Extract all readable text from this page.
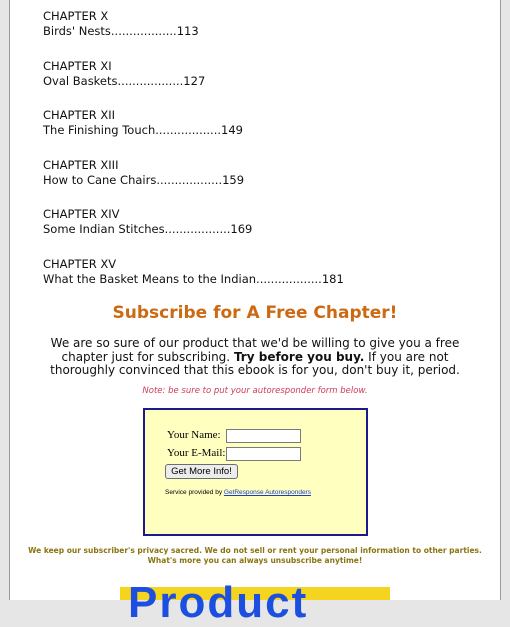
CHAPTER X
Birds' Nests..................113
CHAPTER XI
Oval Baskets..................127
CHAPTER XII
The Finishing Touch..................149
CHAPTER XIII
How to Cane Chairs..................159
CHAPTER XIV
Some Indian Stitches..................169
CHAPTER XV
What the Basket Means to the Indian..................181
Subscribe for A Free Chapter!
We are so sure of our product that we'd be willing to give you a free chapter just for subscribing. Try before you buy. If you are not thoroughly convinced that this ebook is for you, don't buy it, period.
Note: be sure to put your autoresponder form below.
Your Name:
Your E-Mail:
Get More Info!
Service provided by GetResponse Autoresponders
We keep our subscriber's privacy sacred. We do not sell or rent your personal information to other parties.
What's more you can always unsubscribe anytime!
Product
